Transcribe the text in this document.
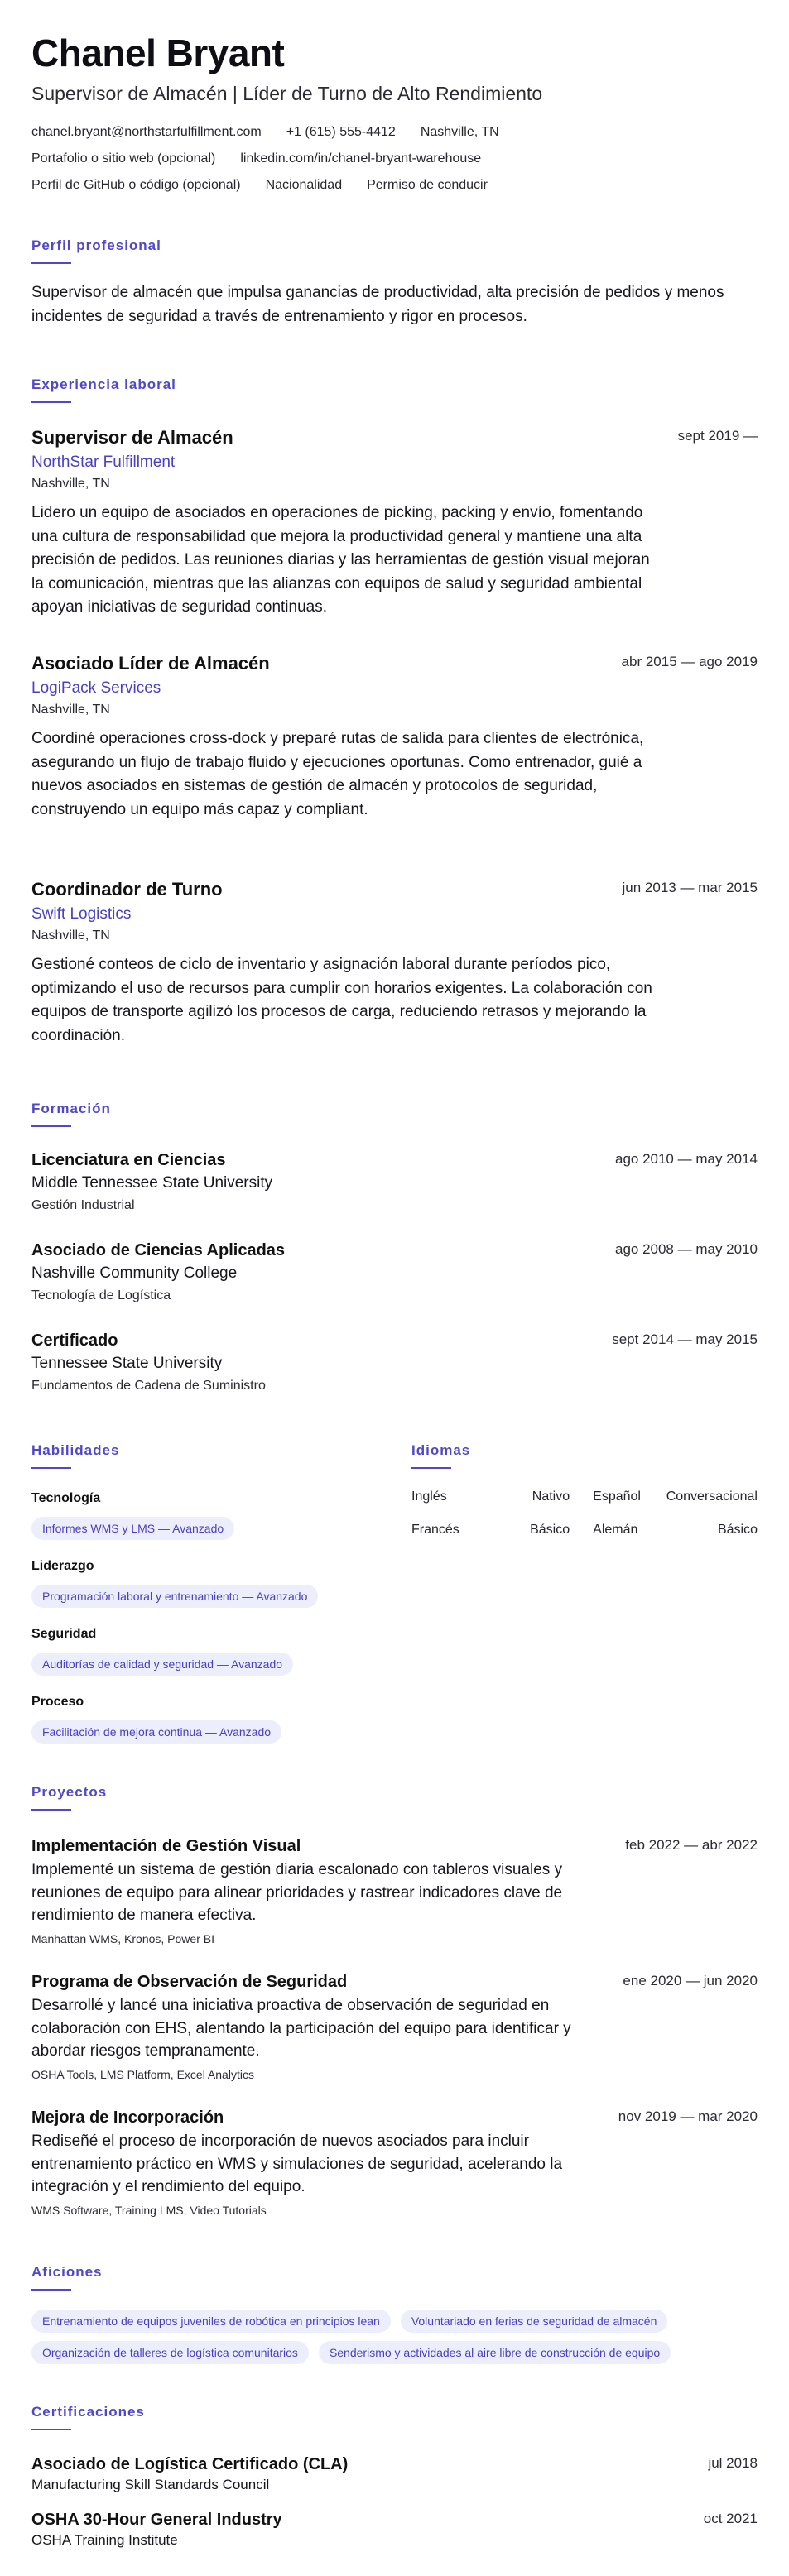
Chanel Bryant
Supervisor de Almacén | Líder de Turno de Alto Rendimiento
chanel.bryant@northstarfulfillment.com +1 (615) 555-4412 Nashville, TN
Portafolio o sitio web (opcional) linkedin.com/in/chanel-bryant-warehouse
Perfil de GitHub o código (opcional) Nacionalidad Permiso de conducir
Perfil profesional
Supervisor de almacén que impulsa ganancias de productividad, alta precisión de pedidos y menos incidentes de seguridad a través de entrenamiento y rigor en procesos.
Experiencia laboral
Supervisor de Almacén	sept 2019 —
NorthStar Fulfillment
Nashville, TN
Lidero un equipo de asociados en operaciones de picking, packing y envío, fomentando una cultura de responsabilidad que mejora la productividad general y mantiene una alta precisión de pedidos. Las reuniones diarias y las herramientas de gestión visual mejoran la comunicación, mientras que las alianzas con equipos de salud y seguridad ambiental apoyan iniciativas de seguridad continuas.
Asociado Líder de Almacén	abr 2015 — ago 2019
LogiPack Services
Nashville, TN
Coordiné operaciones cross-dock y preparé rutas de salida para clientes de electrónica, asegurando un flujo de trabajo fluido y ejecuciones oportunas. Como entrenador, guié a nuevos asociados en sistemas de gestión de almacén y protocolos de seguridad, construyendo un equipo más capaz y compliant.
Coordinador de Turno	jun 2013 — mar 2015
Swift Logistics
Nashville, TN
Gestioné conteos de ciclo de inventario y asignación laboral durante períodos pico, optimizando el uso de recursos para cumplir con horarios exigentes. La colaboración con equipos de transporte agilizó los procesos de carga, reduciendo retrasos y mejorando la coordinación.
Formación
Licenciatura en Ciencias	ago 2010 — may 2014
Middle Tennessee State University
Gestión Industrial
Asociado de Ciencias Aplicadas	ago 2008 — may 2010
Nashville Community College
Tecnología de Logística
Certificado	sept 2014 — may 2015
Tennessee State University
Fundamentos de Cadena de Suministro
Habilidades
Tecnología
Informes WMS y LMS — Avanzado
Liderazgo
Programación laboral y entrenamiento — Avanzado
Seguridad
Auditorías de calidad y seguridad — Avanzado
Proceso
Facilitación de mejora continua — Avanzado
Idiomas
Inglés	Nativo	Español	Conversacional
Francés	Básico	Alemán	Básico
Proyectos
Implementación de Gestión Visual	feb 2022 — abr 2022
Implementé un sistema de gestión diaria escalonado con tableros visuales y reuniones de equipo para alinear prioridades y rastrear indicadores clave de rendimiento de manera efectiva.
Manhattan WMS, Kronos, Power BI
Programa de Observación de Seguridad	ene 2020 — jun 2020
Desarrollé y lancé una iniciativa proactiva de observación de seguridad en colaboración con EHS, alentando la participación del equipo para identificar y abordar riesgos tempranamente.
OSHA Tools, LMS Platform, Excel Analytics
Mejora de Incorporación	nov 2019 — mar 2020
Rediseñé el proceso de incorporación de nuevos asociados para incluir entrenamiento práctico en WMS y simulaciones de seguridad, acelerando la integración y el rendimiento del equipo.
WMS Software, Training LMS, Video Tutorials
Aficiones
Entrenamiento de equipos juveniles de robótica en principios lean	Voluntariado en ferias de seguridad de almacén
Organización de talleres de logística comunitarios	Senderismo y actividades al aire libre de construcción de equipo
Certificaciones
Asociado de Logística Certificado (CLA)	jul 2018
Manufacturing Skill Standards Council
OSHA 30-Hour General Industry	oct 2021
OSHA Training Institute
